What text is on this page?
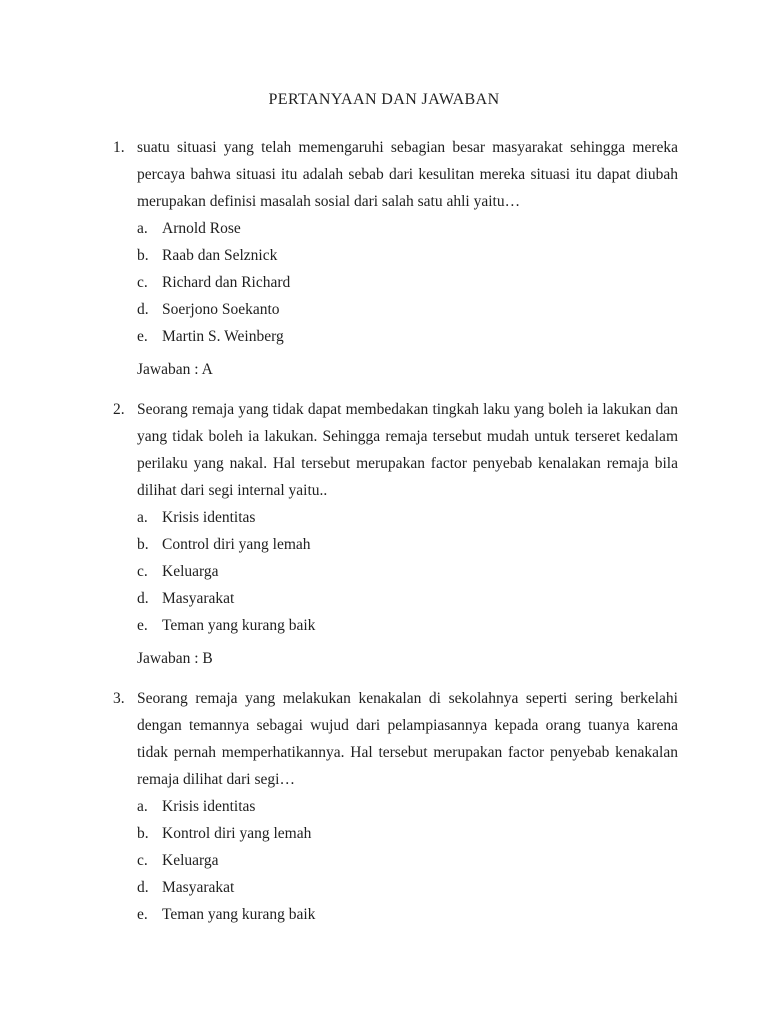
PERTANYAAN DAN JAWABAN
1. suatu situasi yang telah memengaruhi sebagian besar masyarakat sehingga mereka percaya bahwa situasi itu adalah sebab dari kesulitan mereka situasi itu dapat diubah merupakan definisi masalah sosial dari salah satu ahli yaitu…

a. Arnold Rose
b. Raab dan Selznick
c. Richard dan Richard
d. Soerjono Soekanto
e. Martin S. Weinberg

Jawaban : A

2. Seorang remaja yang tidak dapat membedakan tingkah laku yang boleh ia lakukan dan yang tidak boleh ia lakukan. Sehingga remaja tersebut mudah untuk terseret kedalam perilaku yang nakal. Hal tersebut merupakan factor penyebab kenalakan remaja bila dilihat dari segi internal yaitu..

a. Krisis identitas
b. Control diri yang lemah
c. Keluarga
d. Masyarakat
e. Teman yang kurang baik

Jawaban : B

3. Seorang remaja yang melakukan kenakalan di sekolahnya seperti sering berkelahi dengan temannya sebagai wujud dari pelampiasannya kepada orang tuanya karena tidak pernah memperhatikannya. Hal tersebut merupakan factor penyebab kenakalan remaja dilihat dari segi…

a. Krisis identitas
b. Kontrol diri yang lemah
c. Keluarga
d. Masyarakat
e. Teman yang kurang baik
